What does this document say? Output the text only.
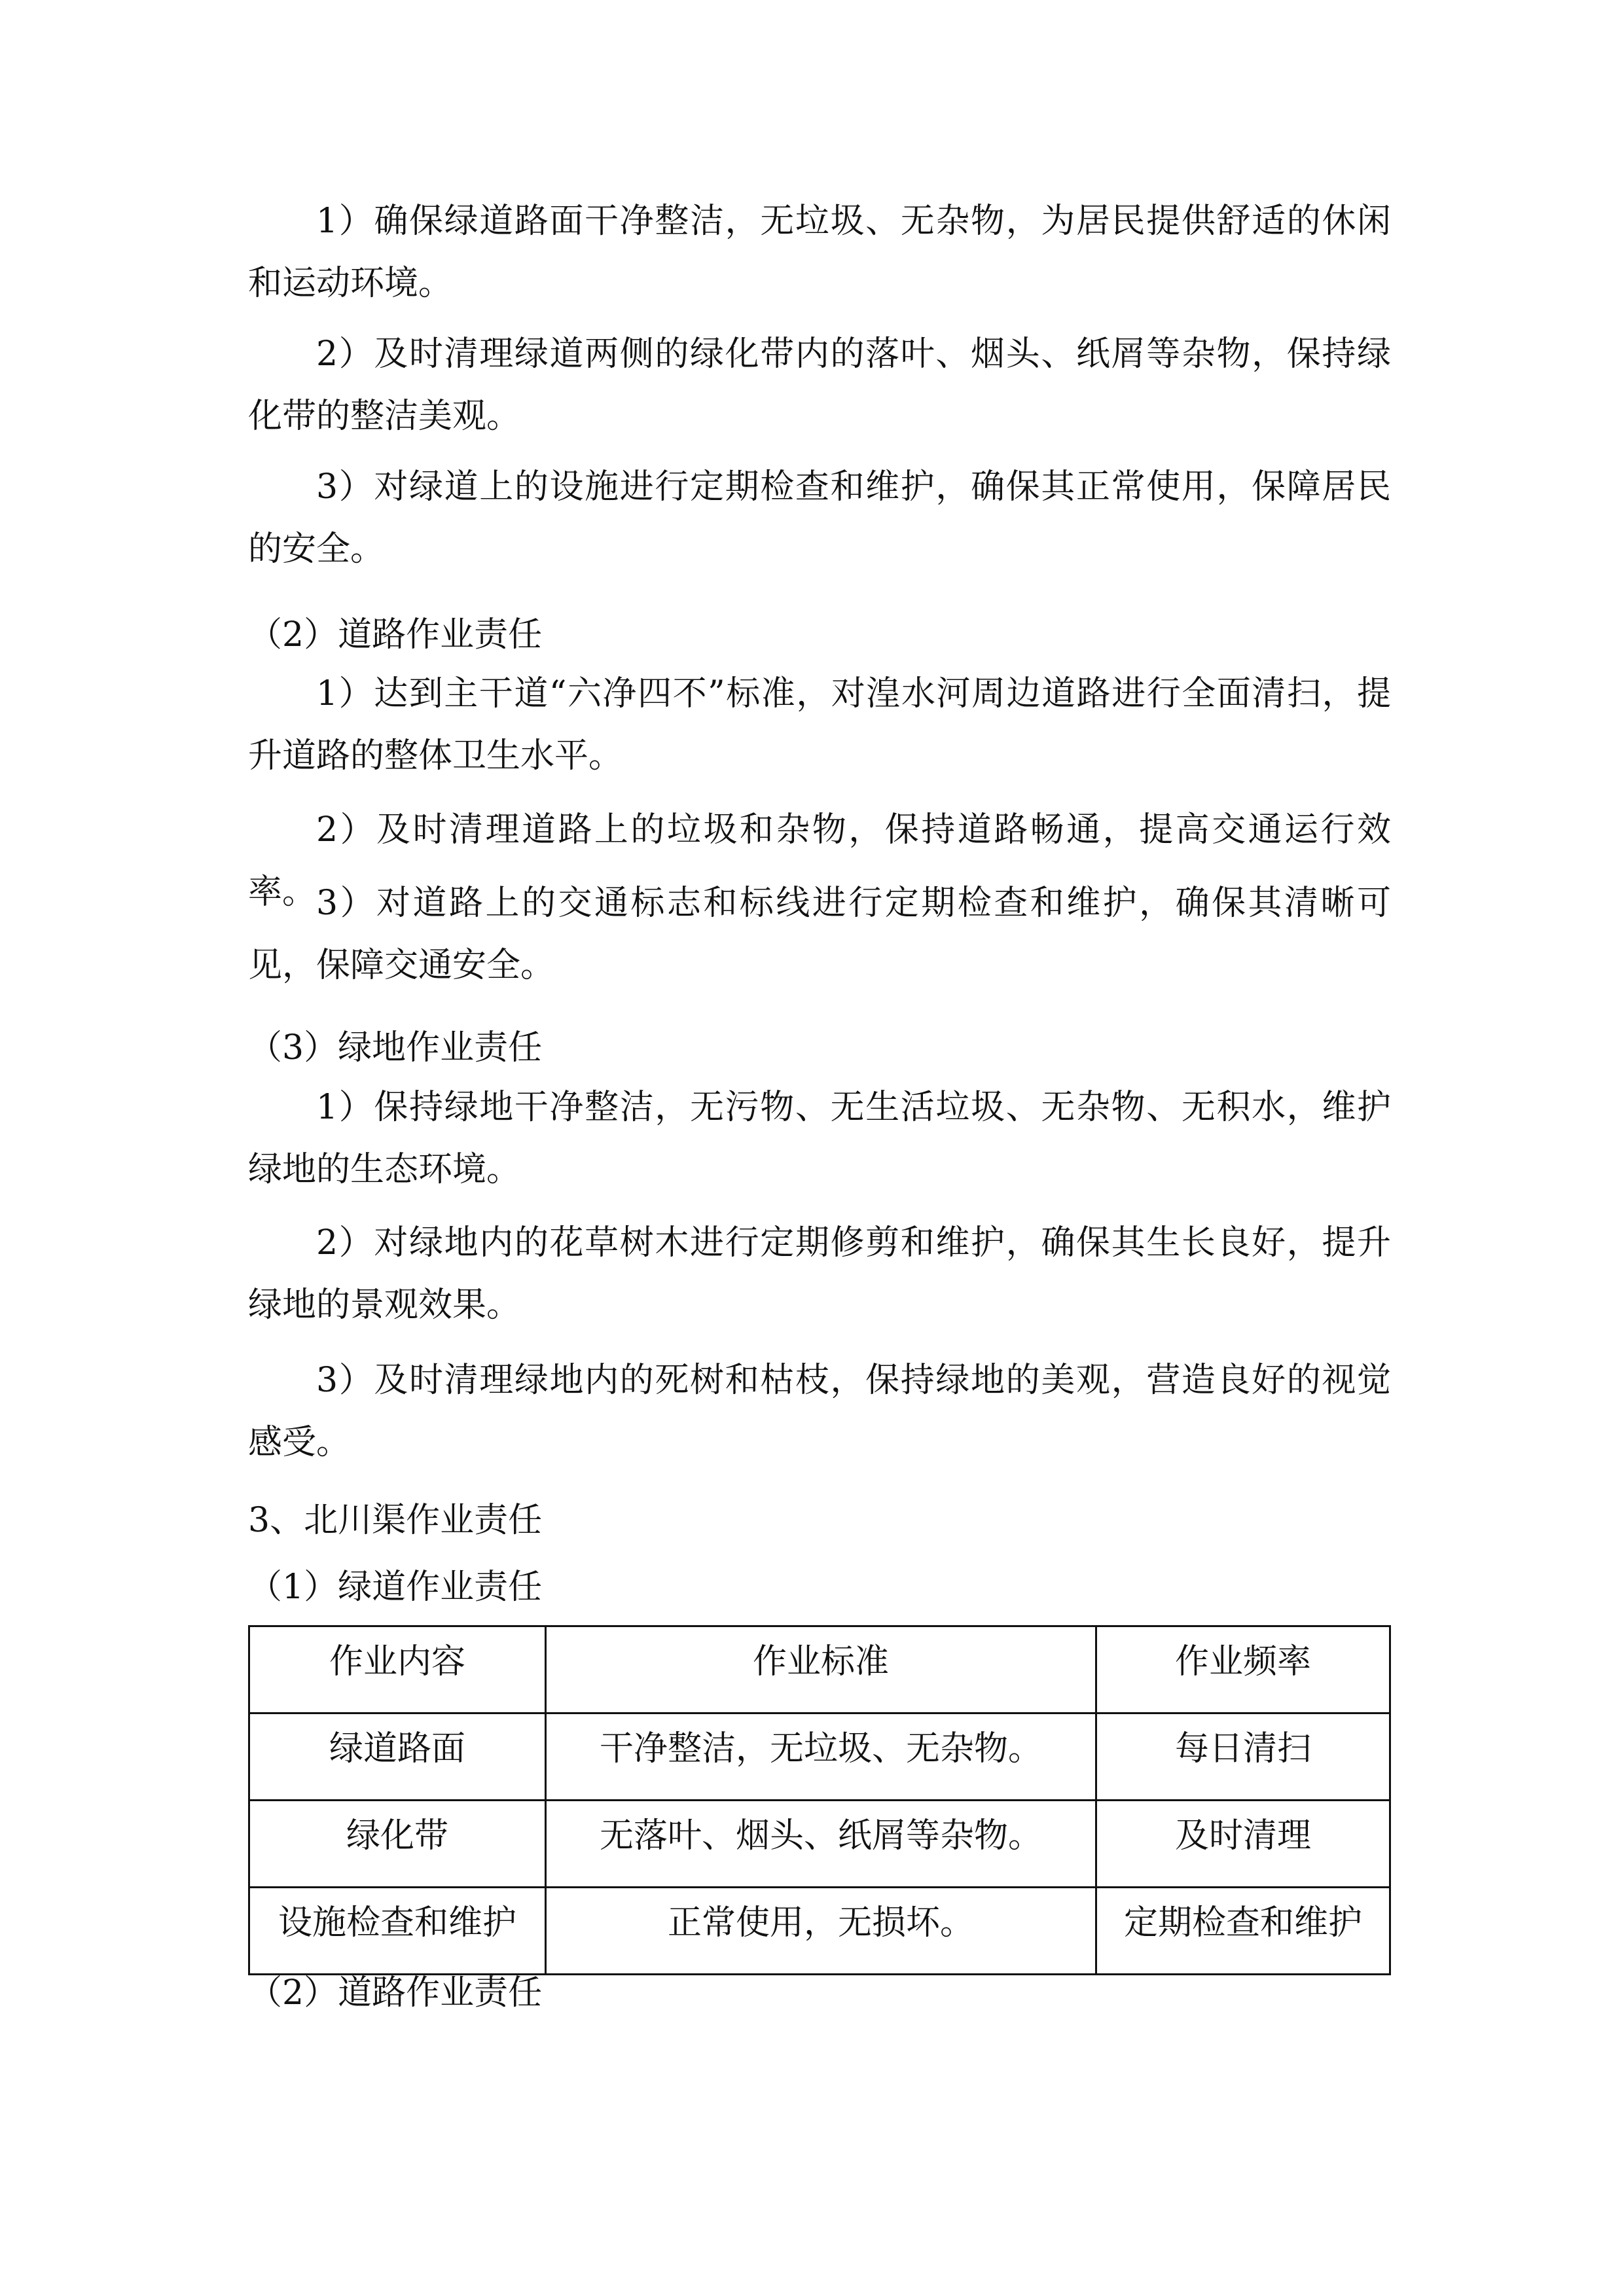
1）确保绿道路面干净整洁，无垃圾、无杂物，为居民提供舒适的休闲和运动环境。

2）及时清理绿道两侧的绿化带内的落叶、烟头、纸屑等杂物，保持绿化带的整洁美观。

3）对绿道上的设施进行定期检查和维护，确保其正常使用，保障居民的安全。

（2）道路作业责任

1）达到主干道“六净四不”标准，对湟水河周边道路进行全面清扫，提升道路的整体卫生水平。

2）及时清理道路上的垃圾和杂物，保持道路畅通，提高交通运行效率。 3）对道路上的交通标志和标线进行定期检查和维护，确保其清晰可见，保障交通安全。

（3）绿地作业责任

1）保持绿地干净整洁，无污物、无生活垃圾、无杂物、无积水，维护绿地的生态环境。

2）对绿地内的花草树木进行定期修剪和维护，确保其生长良好，提升绿地的景观效果。

3）及时清理绿地内的死树和枯枝，保持绿地的美观，营造良好的视觉感受。

3、北川渠作业责任

（1）绿道作业责任

作业内容	作业标准	作业频率
绿道路面	干净整洁，无垃圾、无杂物。	每日清扫
绿化带	无落叶、烟头、纸屑等杂物。	及时清理
设施检查和维护	正常使用，无损坏。	定期检查和维护

（2）道路作业责任
